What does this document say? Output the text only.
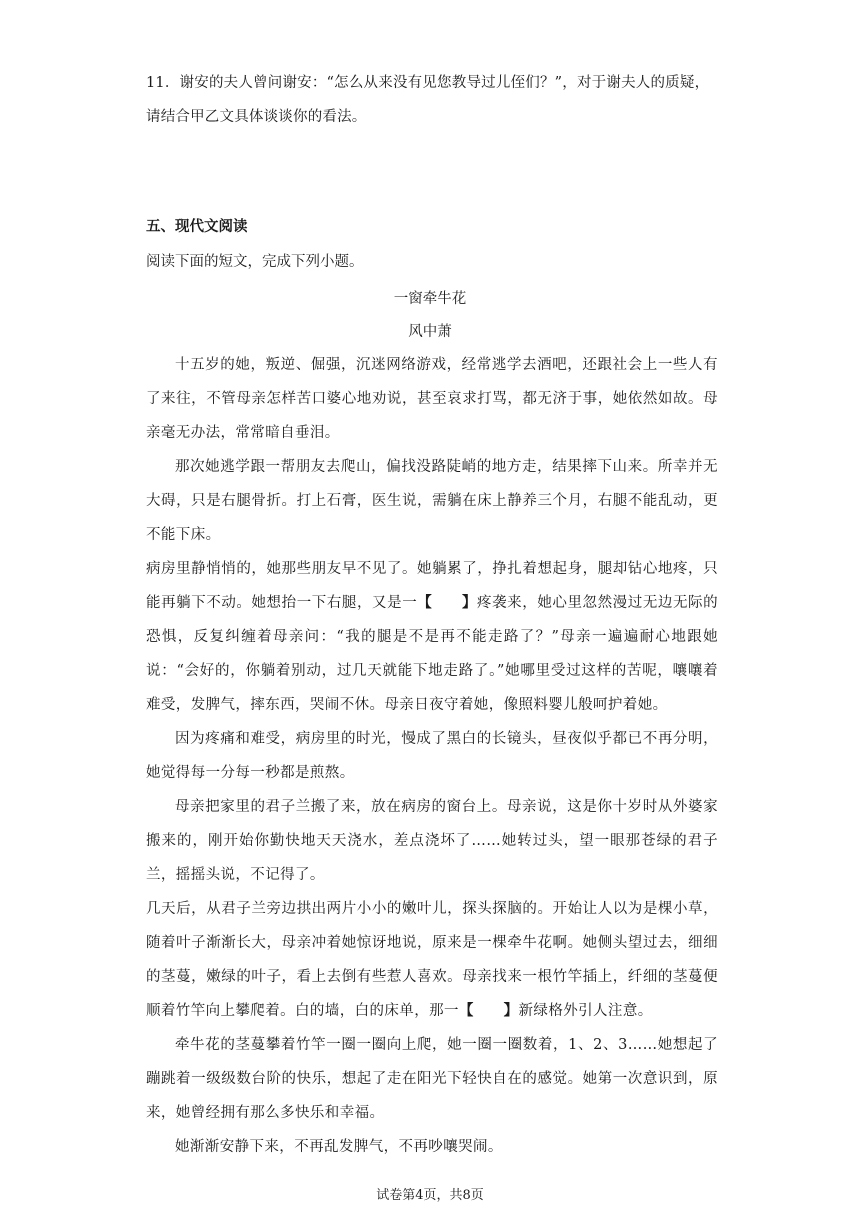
11．谢安的夫人曾问谢安：“怎么从来没有见您教导过儿侄们？”，对于谢夫人的质疑，请结合甲乙文具体谈谈你的看法。
五、现代文阅读
阅读下面的短文，完成下列小题。
一窗牵牛花
风中萧

十五岁的她，叛逆、倔强，沉迷网络游戏，经常逃学去酒吧，还跟社会上一些人有了来往，不管母亲怎样苦口婆心地劝说，甚至哀求打骂，都无济于事，她依然如故。母亲毫无办法，常常暗自垂泪。

那次她逃学跟一帮朋友去爬山，偏找没路陡峭的地方走，结果摔下山来。所幸并无大碍，只是右腿骨折。打上石膏，医生说，需躺在床上静养三个月，右腿不能乱动，更不能下床。

病房里静悄悄的，她那些朋友早不见了。她躺累了，挣扎着想起身，腿却钻心地疼，只能再躺下不动。她想抬一下右腿，又是一【　　】疼袭来，她心里忽然漫过无边无际的恐惧，反复纠缠着母亲问：“我的腿是不是再不能走路了？”母亲一遍遍耐心地跟她说：“会好的，你躺着别动，过几天就能下地走路了。”她哪里受过这样的苦呢，嚷嚷着难受，发脾气，摔东西，哭闹不休。母亲日夜守着她，像照料婴儿般呵护着她。

因为疼痛和难受，病房里的时光，慢成了黑白的长镜头，昼夜似乎都已不再分明，她觉得每一分每一秒都是煎熬。

母亲把家里的君子兰搬了来，放在病房的窗台上。母亲说，这是你十岁时从外婆家搬来的，刚开始你勤快地天天浇水，差点浇坏了……她转过头，望一眼那苍绿的君子兰，摇摇头说，不记得了。

几天后，从君子兰旁边拱出两片小小的嫩叶儿，探头探脑的。开始让人以为是棵小草，随着叶子渐渐长大，母亲冲着她惊讶地说，原来是一棵牵牛花啊。她侧头望过去，细细的茎蔓，嫩绿的叶子，看上去倒有些惹人喜欢。母亲找来一根竹竿插上，纤细的茎蔓便顺着竹竿向上攀爬着。白的墙，白的床单，那一【　　】新绿格外引人注意。

牵牛花的茎蔓攀着竹竿一圈一圈向上爬，她一圈一圈数着，1、2、3……她想起了蹦跳着一级级数台阶的快乐，想起了走在阳光下轻快自在的感觉。她第一次意识到，原来，她曾经拥有那么多快乐和幸福。

她渐渐安静下来，不再乱发脾气，不再吵嚷哭闹。

试卷第4页，共8页
